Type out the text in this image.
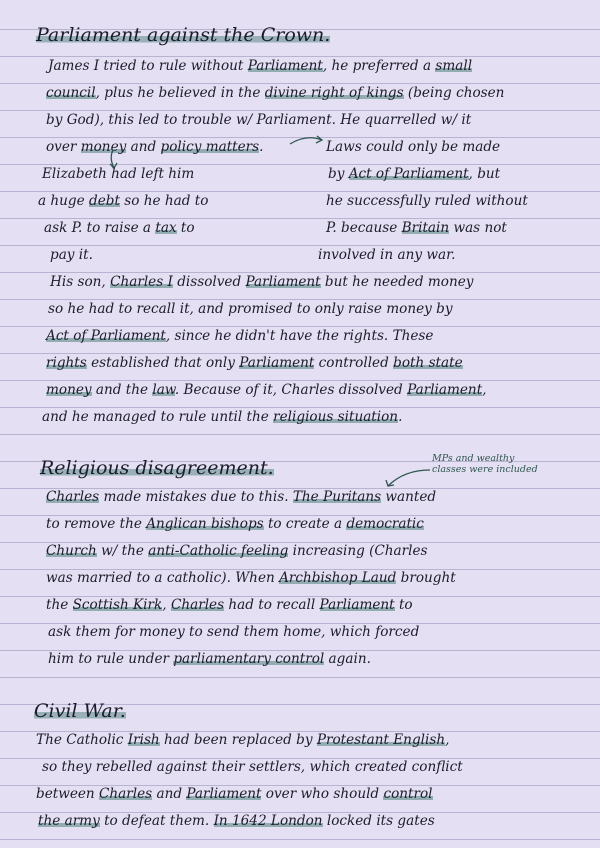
Parliament against the Crown.

James I tried to rule without Parliament, he preferred a small

council, plus he believed in the divine right of kings (being chosen

by God), this led to trouble w/ Parliament. He quarrelled w/ it

over money and policy matters.

Elizabeth had left him

a huge debt so he had to

ask P. to raise a tax to

pay it.

Laws could only be made

by Act of Parliament, but

he successfully ruled without

P. because Britain was not

involved in any war.

His son, Charles I dissolved Parliament but he needed money

so he had to recall it, and promised to only raise money by

Act of Parliament, since he didn't have the rights. These

rights established that only Parliament controlled both state

money and the law. Because of it, Charles dissolved Parliament,

and he managed to rule until the religious situation.

Religious disagreement.	MPs and wealthy
classes were included

Charles made mistakes due to this. The Puritans wanted

to remove the Anglican bishops to create a democratic

Church w/ the anti-Catholic feeling increasing (Charles

was married to a catholic). When Archbishop Laud brought

the Scottish Kirk, Charles had to recall Parliament to

ask them for money to send them home, which forced

him to rule under parliamentary control again.

Civil War.

The Catholic Irish had been replaced by Protestant English,

so they rebelled against their settlers, which created conflict

between Charles and Parliament over who should control

the army to defeat them. In 1642 London locked its gates
